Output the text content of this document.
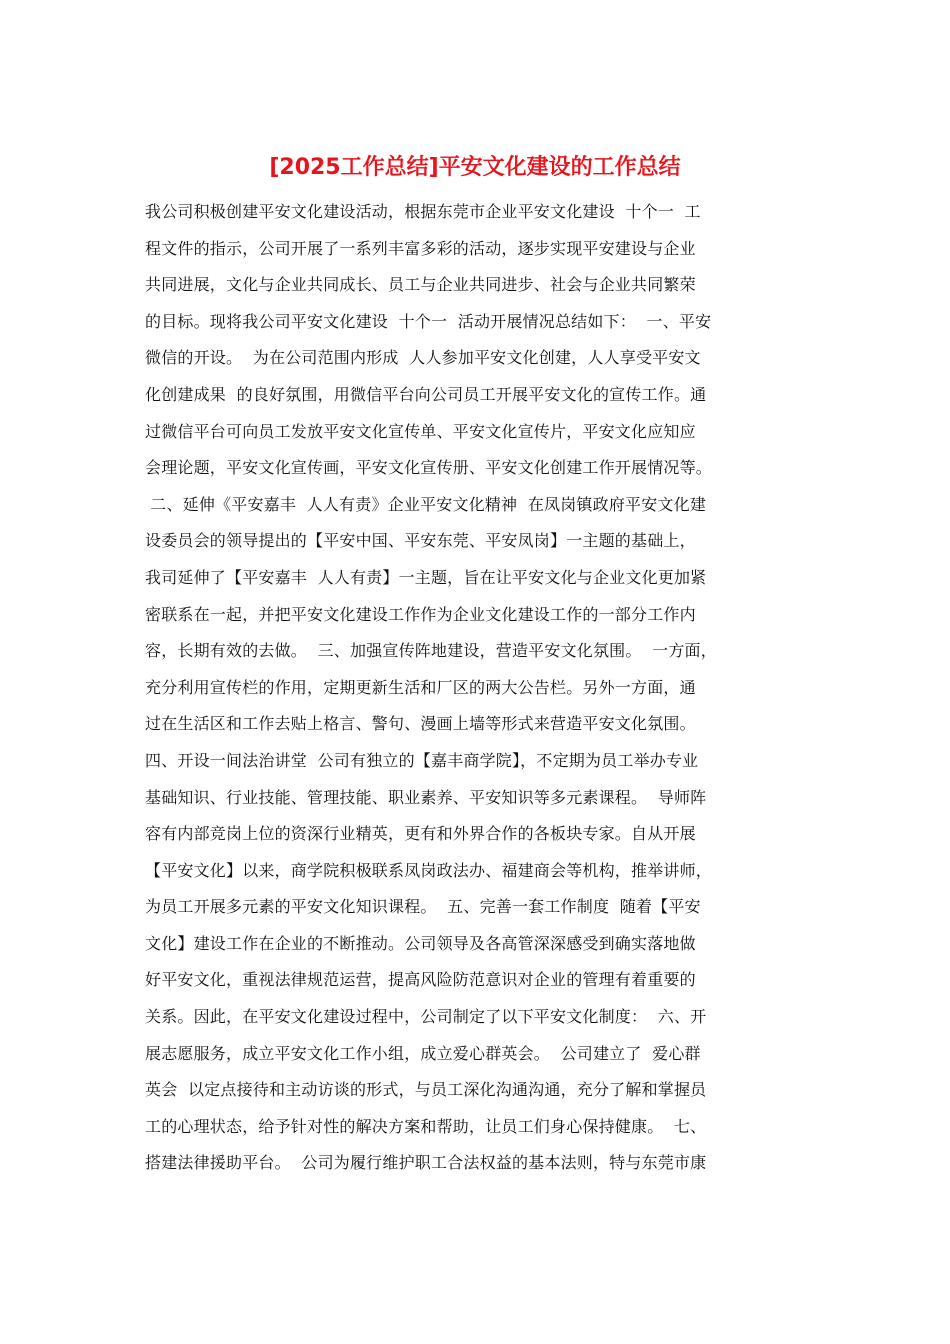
[2025工作总结]平安文化建设的工作总结
我公司积极创建平安文化建设活动，根据东莞市企业平安文化建设  十个一  工
程文件的指示，公司开展了一系列丰富多彩的活动，逐步实现平安建设与企业
共同进展，文化与企业共同成长、员工与企业共同进步、社会与企业共同繁荣
的目标。现将我公司平安文化建设  十个一  活动开展情况总结如下：  一、平安
微信的开设。  为在公司范围内形成  人人参加平安文化创建，人人享受平安文
化创建成果  的良好氛围，用微信平台向公司员工开展平安文化的宣传工作。通
过微信平台可向员工发放平安文化宣传单、平安文化宣传片，平安文化应知应
会理论题，平安文化宣传画，平安文化宣传册、平安文化创建工作开展情况等。
二、延伸《平安嘉丰  人人有责》企业平安文化精神  在凤岗镇政府平安文化建
设委员会的领导提出的【平安中国、平安东莞、平安凤岗】一主题的基础上，
我司延伸了【平安嘉丰  人人有责】一主题，旨在让平安文化与企业文化更加紧
密联系在一起，并把平安文化建设工作作为企业文化建设工作的一部分工作内
容，长期有效的去做。  三、加强宣传阵地建设，营造平安文化氛围。  一方面，
充分利用宣传栏的作用，定期更新生活和厂区的两大公告栏。另外一方面，通
过在生活区和工作去贴上格言、警句、漫画上墙等形式来营造平安文化氛围。
四、开设一间法治讲堂  公司有独立的【嘉丰商学院】，不定期为员工举办专业
基础知识、行业技能、管理技能、职业素养、平安知识等多元素课程。  导师阵
容有内部竞岗上位的资深行业精英，更有和外界合作的各板块专家。自从开展
【平安文化】以来，商学院积极联系凤岗政法办、福建商会等机构，推举讲师，
为员工开展多元素的平安文化知识课程。  五、完善一套工作制度  随着【平安
文化】建设工作在企业的不断推动。公司领导及各高管深深感受到确实落地做
好平安文化，重视法律规范运营，提高风险防范意识对企业的管理有着重要的
关系。因此，在平安文化建设过程中，公司制定了以下平安文化制度：  六、开
展志愿服务，成立平安文化工作小组，成立爱心群英会。  公司建立了  爱心群
英会  以定点接待和主动访谈的形式，与员工深化沟通沟通，充分了解和掌握员
工的心理状态，给予针对性的解决方案和帮助，让员工们身心保持健康。  七、
搭建法律援助平台。  公司为履行维护职工合法权益的基本法则，特与东莞市康
